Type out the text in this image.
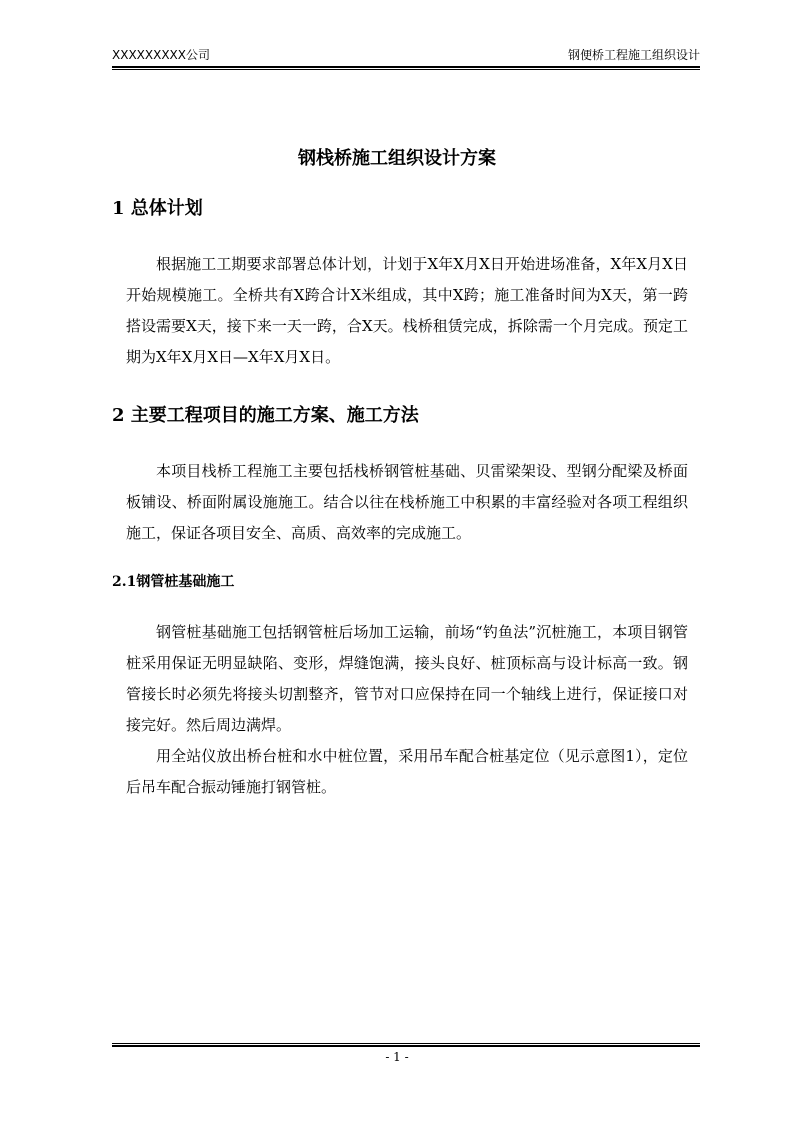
XXXXXXXXX公司	钢便桥工程施工组织设计
钢栈桥施工组织设计方案
1 总体计划

根据施工工期要求部署总体计划，计划于X年X月X日开始进场准备，X年X月X日开始规模施工。全桥共有X跨合计X米组成，其中X跨；施工准备时间为X天，第一跨搭设需要X天，接下来一天一跨，合X天。栈桥租赁完成，拆除需一个月完成。预定工期为X年X月X日—X年X月X日。

2 主要工程项目的施工方案、施工方法

本项目栈桥工程施工主要包括栈桥钢管桩基础、贝雷梁架设、型钢分配梁及桥面板铺设、桥面附属设施施工。结合以往在栈桥施工中积累的丰富经验对各项工程组织施工，保证各项目安全、高质、高效率的完成施工。

2.1钢管桩基础施工

钢管桩基础施工包括钢管桩后场加工运输，前场“钓鱼法”沉桩施工，本项目钢管桩采用保证无明显缺陷、变形，焊缝饱满，接头良好、桩顶标高与设计标高一致。钢管接长时必须先将接头切割整齐，管节对口应保持在同一个轴线上进行，保证接口对接完好。然后周边满焊。

用全站仪放出桥台桩和水中桩位置，采用吊车配合桩基定位（见示意图1），定位后吊车配合振动锤施打钢管桩。

- 1 -
